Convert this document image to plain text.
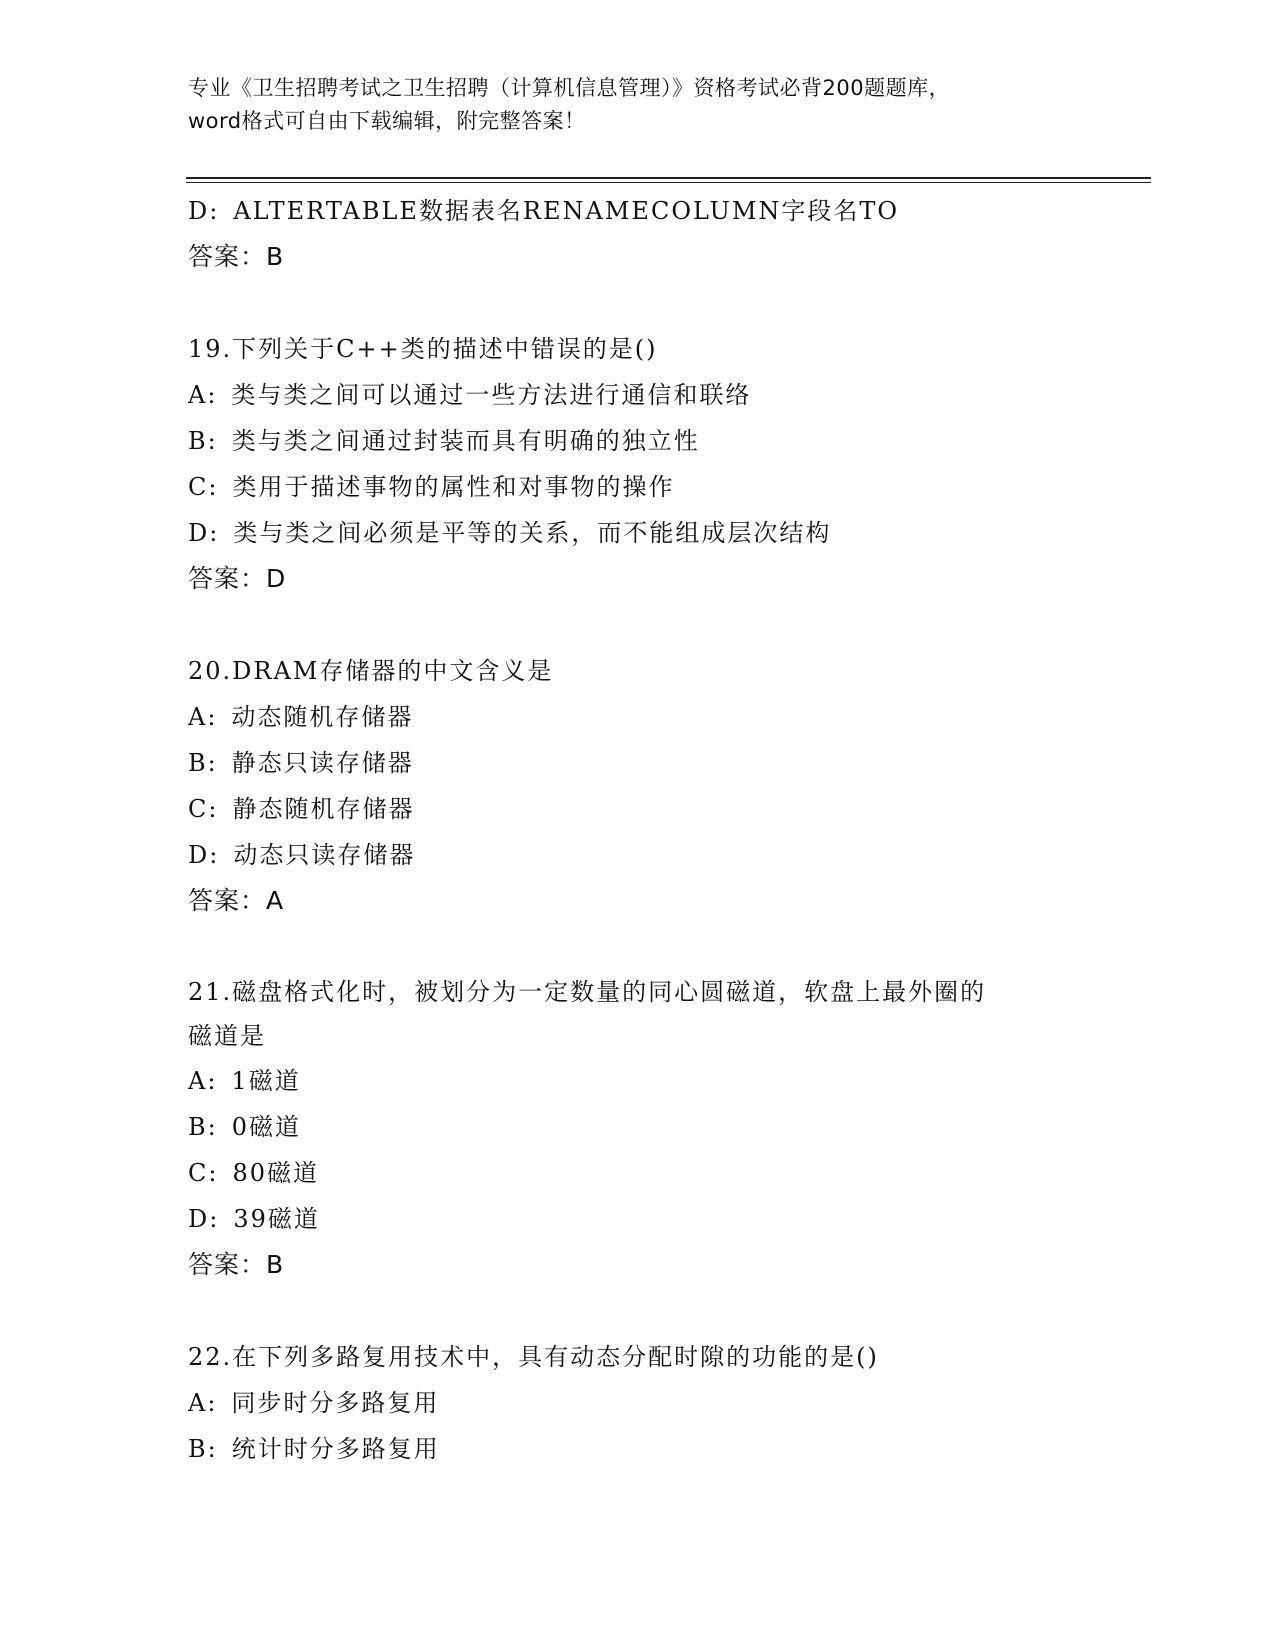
专业《卫生招聘考试之卫生招聘（计算机信息管理）》资格考试必背200题题库，
word格式可自由下载编辑，附完整答案！
D: ALTERTABLE数据表名RENAMECOLUMN字段名TO
答案：B
19.下列关于C++类的描述中错误的是()
A: 类与类之间可以通过一些方法进行通信和联络
B: 类与类之间通过封装而具有明确的独立性
C: 类用于描述事物的属性和对事物的操作
D: 类与类之间必须是平等的关系，而不能组成层次结构
答案：D
20.DRAM存储器的中文含义是
A: 动态随机存储器
B: 静态只读存储器
C: 静态随机存储器
D: 动态只读存储器
答案：A
21.磁盘格式化时，被划分为一定数量的同心圆磁道，软盘上最外圈的
磁道是
A: 1磁道
B: 0磁道
C: 80磁道
D: 39磁道
答案：B
22.在下列多路复用技术中，具有动态分配时隙的功能的是()
A: 同步时分多路复用
B: 统计时分多路复用
